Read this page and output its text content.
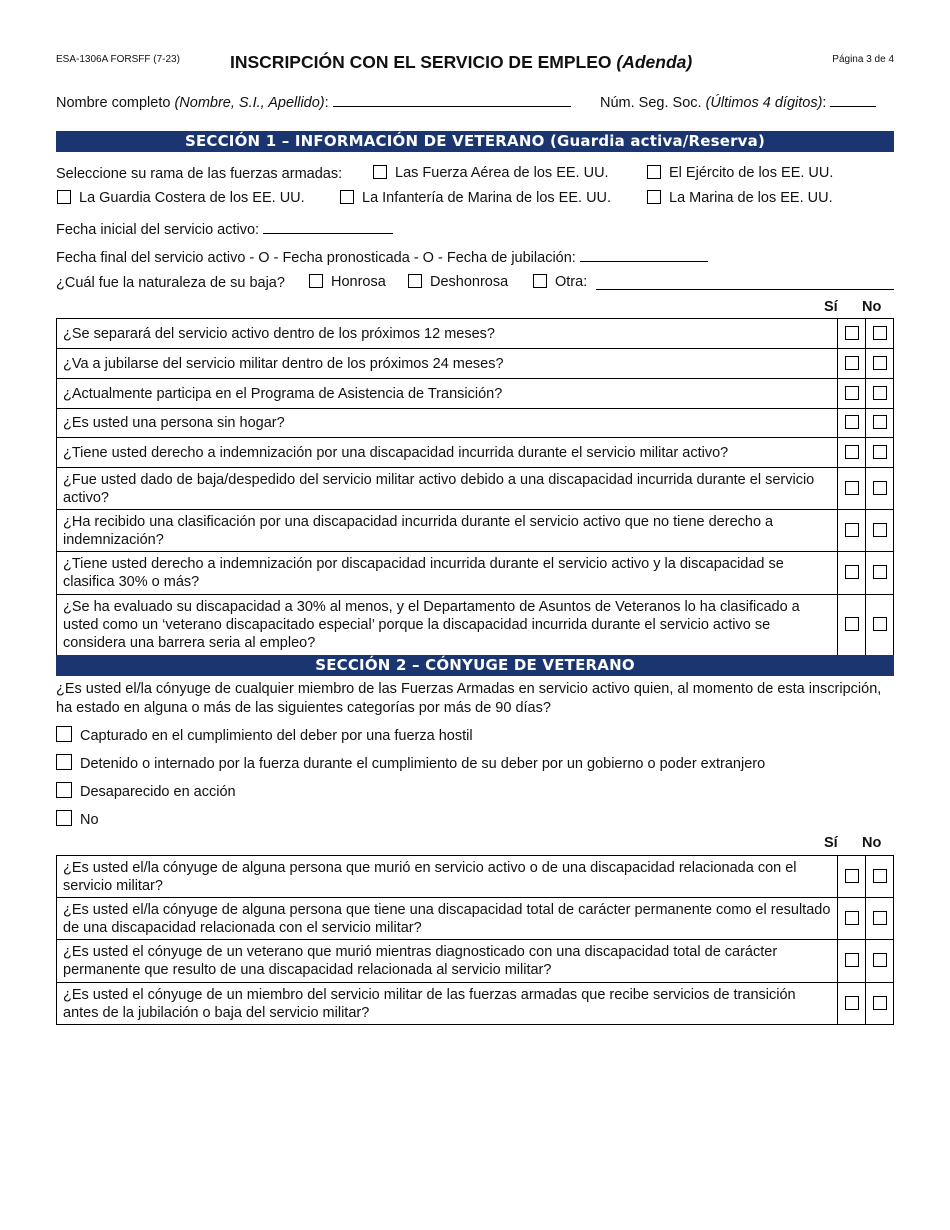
ESA-1306A FORSFF (7-23)	INSCRIPCIÓN CON EL SERVICIO DE EMPLEO (Adenda)	Página 3 de 4
Nombre completo (Nombre, S.I., Apellido):	Núm. Seg. Soc. (Últimos 4 dígitos):
SECCIÓN 1 – INFORMACIÓN DE VETERANO (Guardia activa/Reserva)
Seleccione su rama de las fuerzas armadas:	Las Fuerza Aérea de los EE. UU.	El Ejército de los EE. UU.
La Guardia Costera de los EE. UU.	La Infantería de Marina de los EE. UU.	La Marina de los EE. UU.
Fecha inicial del servicio activo:
Fecha final del servicio activo - O - Fecha pronosticada - O - Fecha de jubilación:
¿Cuál fue la naturaleza de su baja?	Honrosa	Deshonrosa	Otra:
Sí No
¿Se separará del servicio activo dentro de los próximos 12 meses?		
¿Va a jubilarse del servicio militar dentro de los próximos 24 meses?		
¿Actualmente participa en el Programa de Asistencia de Transición?		
¿Es usted una persona sin hogar?		
¿Tiene usted derecho a indemnización por una discapacidad incurrida durante el servicio militar activo?		
¿Fue usted dado de baja/despedido del servicio militar activo debido a una discapacidad incurrida durante el servicio activo?		
¿Ha recibido una clasificación por una discapacidad incurrida durante el servicio activo que no tiene derecho a indemnización?		
¿Tiene usted derecho a indemnización por discapacidad incurrida durante el servicio activo y la discapacidad se clasifica 30% o más?		
¿Se ha evaluado su discapacidad a 30% al menos, y el Departamento de Asuntos de Veteranos lo ha clasificado a usted como un ‘veterano discapacitado especial’ porque la discapacidad incurrida durante el servicio activo se considera una barrera seria al empleo?		
SECCIÓN 2 – CÓNYUGE DE VETERANO
¿Es usted el/la cónyuge de cualquier miembro de las Fuerzas Armadas en servicio activo quien, al momento de esta inscripción, ha estado en alguna o más de las siguientes categorías por más de 90 días?
Capturado en el cumplimiento del deber por una fuerza hostil
Detenido o internado por la fuerza durante el cumplimiento de su deber por un gobierno o poder extranjero
Desaparecido en acción
No
Sí No
¿Es usted el/la cónyuge de alguna persona que murió en servicio activo o de una discapacidad relacionada con el servicio militar?		
¿Es usted el/la cónyuge de alguna persona que tiene una discapacidad total de carácter permanente como el resultado de una discapacidad relacionada con el servicio militar?		
¿Es usted el cónyuge de un veterano que murió mientras diagnosticado con una discapacidad total de carácter permanente que resulto de una discapacidad relacionada al servicio militar?		
¿Es usted el cónyuge de un miembro del servicio militar de las fuerzas armadas que recibe servicios de transición antes de la jubilación o baja del servicio militar?		
